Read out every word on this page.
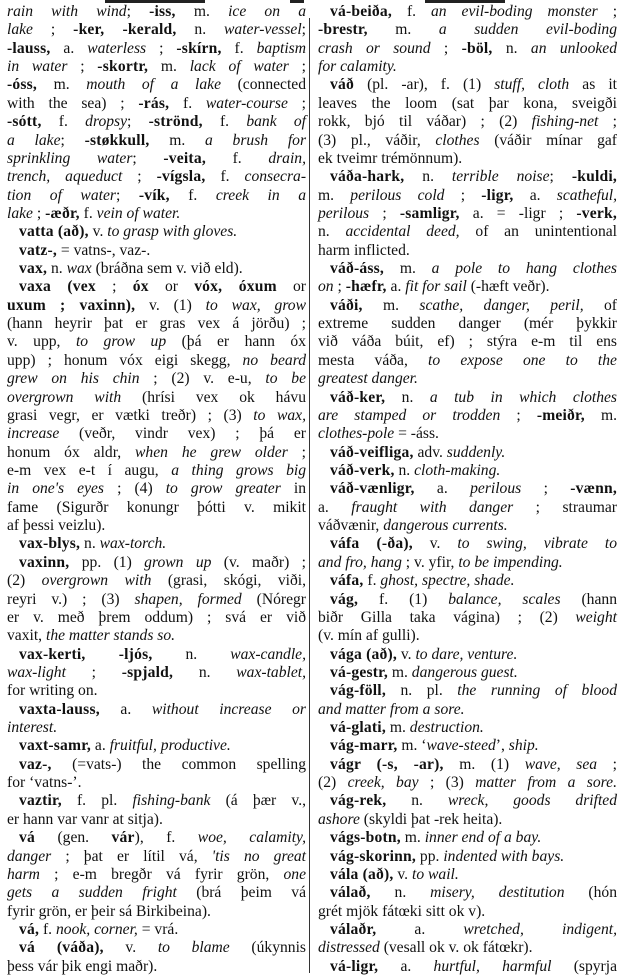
rain with wind; -iss, m. ice on a
lake ; -ker, -kerald, n. water-vessel;
-lauss, a. waterless ; -skírn, f. baptism
in water ; -skortr, m. lack of water ;
-óss, m. mouth of a lake (connected
with the sea) ; -rás, f. water-course ;
-sótt, f. dropsy; -strönd, f. bank of
a lake; -støkkull, m. a brush for
sprinkling water; -veita, f. drain,
trench, aqueduct ; -vígsla, f. consecra-
tion of water; -vík, f. creek in a
lake ; -æðr, f. vein of water.
vatta (að), v. to grasp with gloves.
vatz-, = vatns-, vaz-.
vax, n. wax (bráðna sem v. við eld).
vaxa (vex ; óx or vóx, óxum or
uxum ; vaxinn), v. (1) to wax, grow
(hann heyrir þat er gras vex á jörðu) ;
v. upp, to grow up (þá er hann óx
upp) ; honum vóx eigi skegg, no beard
grew on his chin ; (2) v. e-u, to be
overgrown with (hrísi vex ok hávu
grasi vegr, er vætki treðr) ; (3) to wax,
increase (veðr, vindr vex) ; þá er
honum óx aldr, when he grew older ;
e-m vex e-t í augu, a thing grows big
in one's eyes ; (4) to grow greater in
fame (Sigurðr konungr þótti v. mikit
af þessi veizlu).
vax-blys, n. wax-torch.
vaxinn, pp. (1) grown up (v. maðr) ;
(2) overgrown with (grasi, skógi, viði,
reyri v.) ; (3) shapen, formed (Nóregr
er v. með þrem oddum) ; svá er við
vaxit, the matter stands so.
vax-kerti, -ljós, n. wax-candle,
wax-light ; -spjald, n. wax-tablet,
for writing on.
vaxta-lauss, a. without increase or
interest.
vaxt-samr, a. fruitful, productive.
vaz-, (=vats-) the common spelling
for ‘vatns-’.
vaztir, f. pl. fishing-bank (á þær v.,
er hann var vanr at sitja).
vá (gen. vár), f. woe, calamity,
danger ; þat er lítil vá, 'tis no great
harm ; e-m bregðr vá fyrir grön, one
gets a sudden fright (brá þeim vá
fyrir grön, er þeir sá Birkibeina).
vá, f. nook, corner, = vrá.
vá (váða), v. to blame (úkynnis
þess vár þik engi maðr).
vá-beiða, f. an evil-boding monster ;
-brestr, m. a sudden evil-boding
crash or sound ; -böl, n. an unlooked
for calamity.
váð (pl. -ar), f. (1) stuff, cloth as it
leaves the loom (sat þar kona, sveigði
rokk, bjó til váðar) ; (2) fishing-net ;
(3) pl., váðir, clothes (váðir mínar gaf
ek tveimr trémönnum).
váða-hark, n. terrible noise; -kuldi,
m. perilous cold ; -ligr, a. scatheful,
perilous ; -samligr, a. = -ligr ; -verk,
n. accidental deed, of an unintentional
harm inflicted.
váð-áss, m. a pole to hang clothes
on ; -hæfr, a. fit for sail (-hæft veðr).
váði, m. scathe, danger, peril, of
extreme sudden danger (mér þykkir
við váða búit, ef) ; stýra e-m til ens
mesta váða, to expose one to the
greatest danger.
váð-ker, n. a tub in which clothes
are stamped or trodden ; -meiðr, m.
clothes-pole = -áss.
váð-veifliga, adv. suddenly.
váð-verk, n. cloth-making.
váð-vænligr, a. perilous ; -vænn,
a. fraught with danger ; straumar
váðvænir, dangerous currents.
váfa (-ða), v. to swing, vibrate to
and fro, hang ; v. yfir, to be impending.
váfa, f. ghost, spectre, shade.
vág, f. (1) balance, scales (hann
biðr Gilla taka vágina) ; (2) weight
(v. mín af gulli).
vága (að), v. to dare, venture.
vá-gestr, m. dangerous guest.
vág-föll, n. pl. the running of blood
and matter from a sore.
vá-glati, m. destruction.
vág-marr, m. ‘wave-steed’, ship.
vágr (-s, -ar), m. (1) wave, sea ;
(2) creek, bay ; (3) matter from a sore.
vág-rek, n. wreck, goods drifted
ashore (skyldi þat -rek heita).
vágs-botn, m. inner end of a bay.
vág-skorinn, pp. indented with bays.
vála (að), v. to wail.
válað, n. misery, destitution (hón
grét mjök fátœki sitt ok v).
válaðr, a. wretched, indigent,
distressed (vesall ok v. ok fátœkr).
vá-ligr, a. hurtful, harmful (spyrja
